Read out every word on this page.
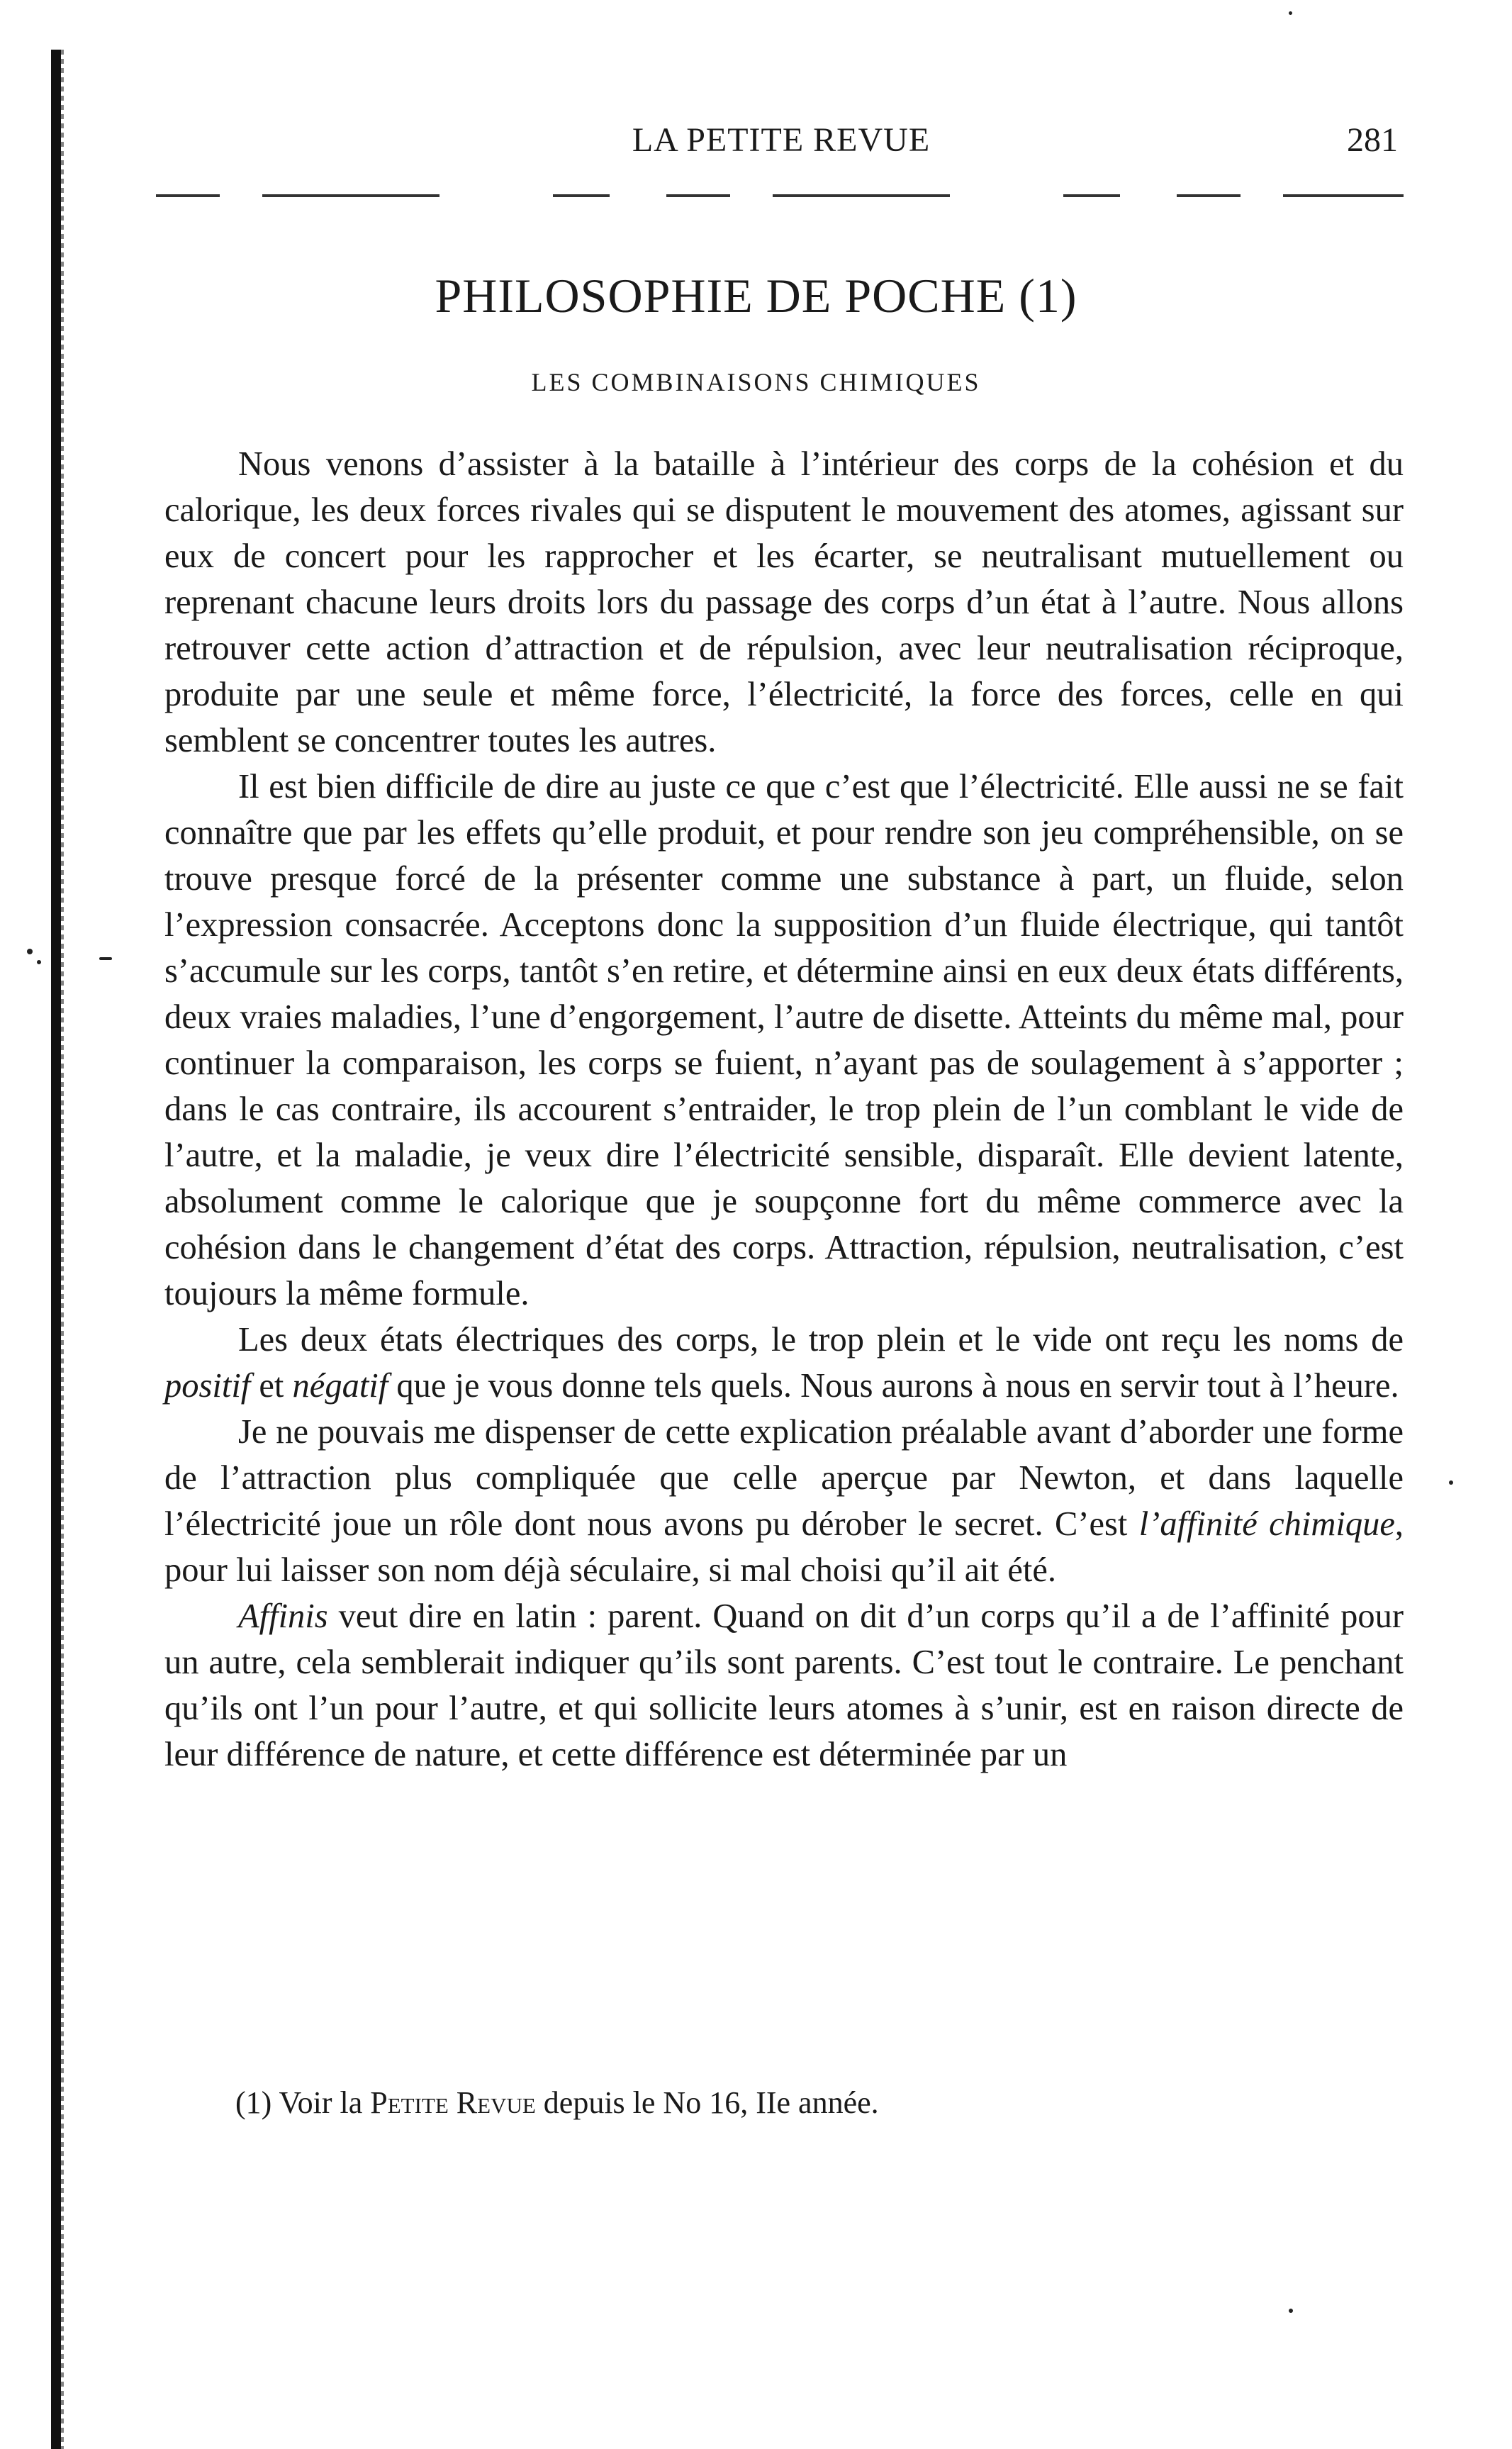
LA PETITE REVUE	281
PHILOSOPHIE DE POCHE (1)
LES COMBINAISONS CHIMIQUES

Nous venons d’assister à la bataille à l’intérieur des corps de la cohésion et du calorique, les deux forces rivales qui se disputent le mouvement des atomes, agissant sur eux de concert pour les rapprocher et les écarter, se neutralisant mutuellement ou reprenant chacune leurs droits lors du passage des corps d’un état à l’autre. Nous allons retrouver cette action d’attraction et de répulsion, avec leur neutralisation réciproque, produite par une seule et même force, l’électricité, la force des forces, celle en qui semblent se concentrer toutes les autres.

Il est bien difficile de dire au juste ce que c’est que l’électricité. Elle aussi ne se fait connaître que par les effets qu’elle produit, et pour rendre son jeu compréhensible, on se trouve presque forcé de la présenter comme une substance à part, un fluide, selon l’expression consacrée. Acceptons donc la supposition d’un fluide électrique, qui tantôt s’accumule sur les corps, tantôt s’en retire, et détermine ainsi en eux deux états différents, deux vraies maladies, l’une d’engorgement, l’autre de disette. Atteints du même mal, pour continuer la comparaison, les corps se fuient, n’ayant pas de soulagement à s’apporter ; dans le cas contraire, ils accourent s’entraider, le trop plein de l’un comblant le vide de l’autre, et la maladie, je veux dire l’électricité sensible, disparaît. Elle devient latente, absolument comme le calorique que je soupçonne fort du même commerce avec la cohésion dans le changement d’état des corps. Attraction, répulsion, neutralisation, c’est toujours la même formule.

Les deux états électriques des corps, le trop plein et le vide ont reçu les noms de positif et négatif que je vous donne tels quels. Nous aurons à nous en servir tout à l’heure.

Je ne pouvais me dispenser de cette explication préalable avant d’aborder une forme de l’attraction plus compliquée que celle aperçue par Newton, et dans laquelle l’électricité joue un rôle dont nous avons pu dérober le secret. C’est l’affinité chimique, pour lui laisser son nom déjà séculaire, si mal choisi qu’il ait été.

Affinis veut dire en latin : parent. Quand on dit d’un corps qu’il a de l’affinité pour un autre, cela semblerait indiquer qu’ils sont parents. C’est tout le contraire. Le penchant qu’ils ont l’un pour l’autre, et qui sollicite leurs atomes à s’unir, est en raison directe de leur différence de nature, et cette différence est déterminée par un

(1) Voir la Petite Revue depuis le No 16, IIe année.
